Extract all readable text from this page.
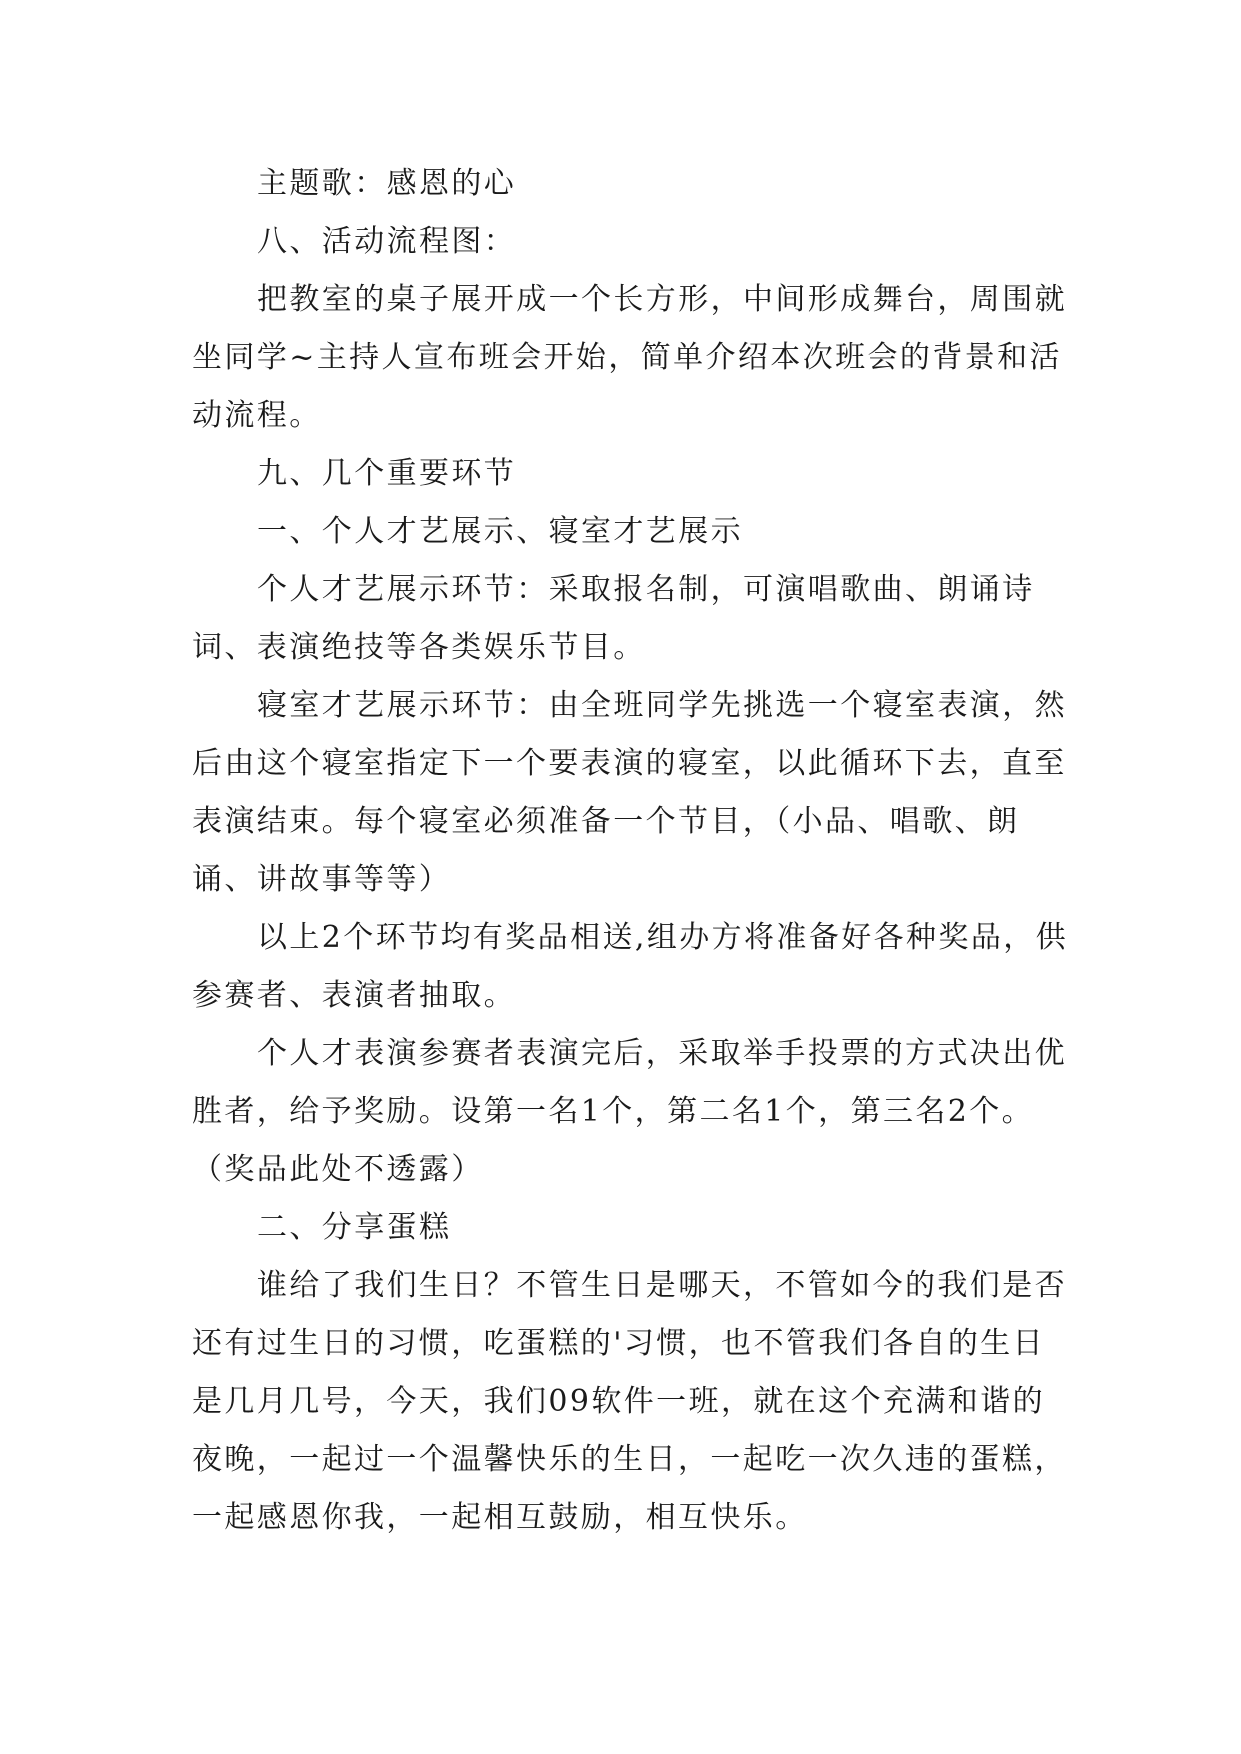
主题歌：感恩的心

八、活动流程图：

把教室的桌子展开成一个长方形，中间形成舞台，周围就坐同学~主持人宣布班会开始，简单介绍本次班会的背景和活动流程。

九、几个重要环节

一、个人才艺展示、寝室才艺展示

个人才艺展示环节：采取报名制，可演唱歌曲、朗诵诗词、表演绝技等各类娱乐节目。

寝室才艺展示环节：由全班同学先挑选一个寝室表演，然后由这个寝室指定下一个要表演的寝室，以此循环下去，直至表演结束。每个寝室必须准备一个节目，（小品、唱歌、朗诵、讲故事等等）

以上2个环节均有奖品相送,组办方将准备好各种奖品，供参赛者、表演者抽取。

个人才表演参赛者表演完后，采取举手投票的方式决出优胜者，给予奖励。设第一名1个，第二名1个，第三名2个。（奖品此处不透露）

二、分享蛋糕

谁给了我们生日？不管生日是哪天，不管如今的我们是否还有过生日的习惯，吃蛋糕的'习惯，也不管我们各自的生日是几月几号，今天，我们09软件一班，就在这个充满和谐的夜晚，一起过一个温馨快乐的生日，一起吃一次久违的蛋糕，一起感恩你我，一起相互鼓励，相互快乐。
